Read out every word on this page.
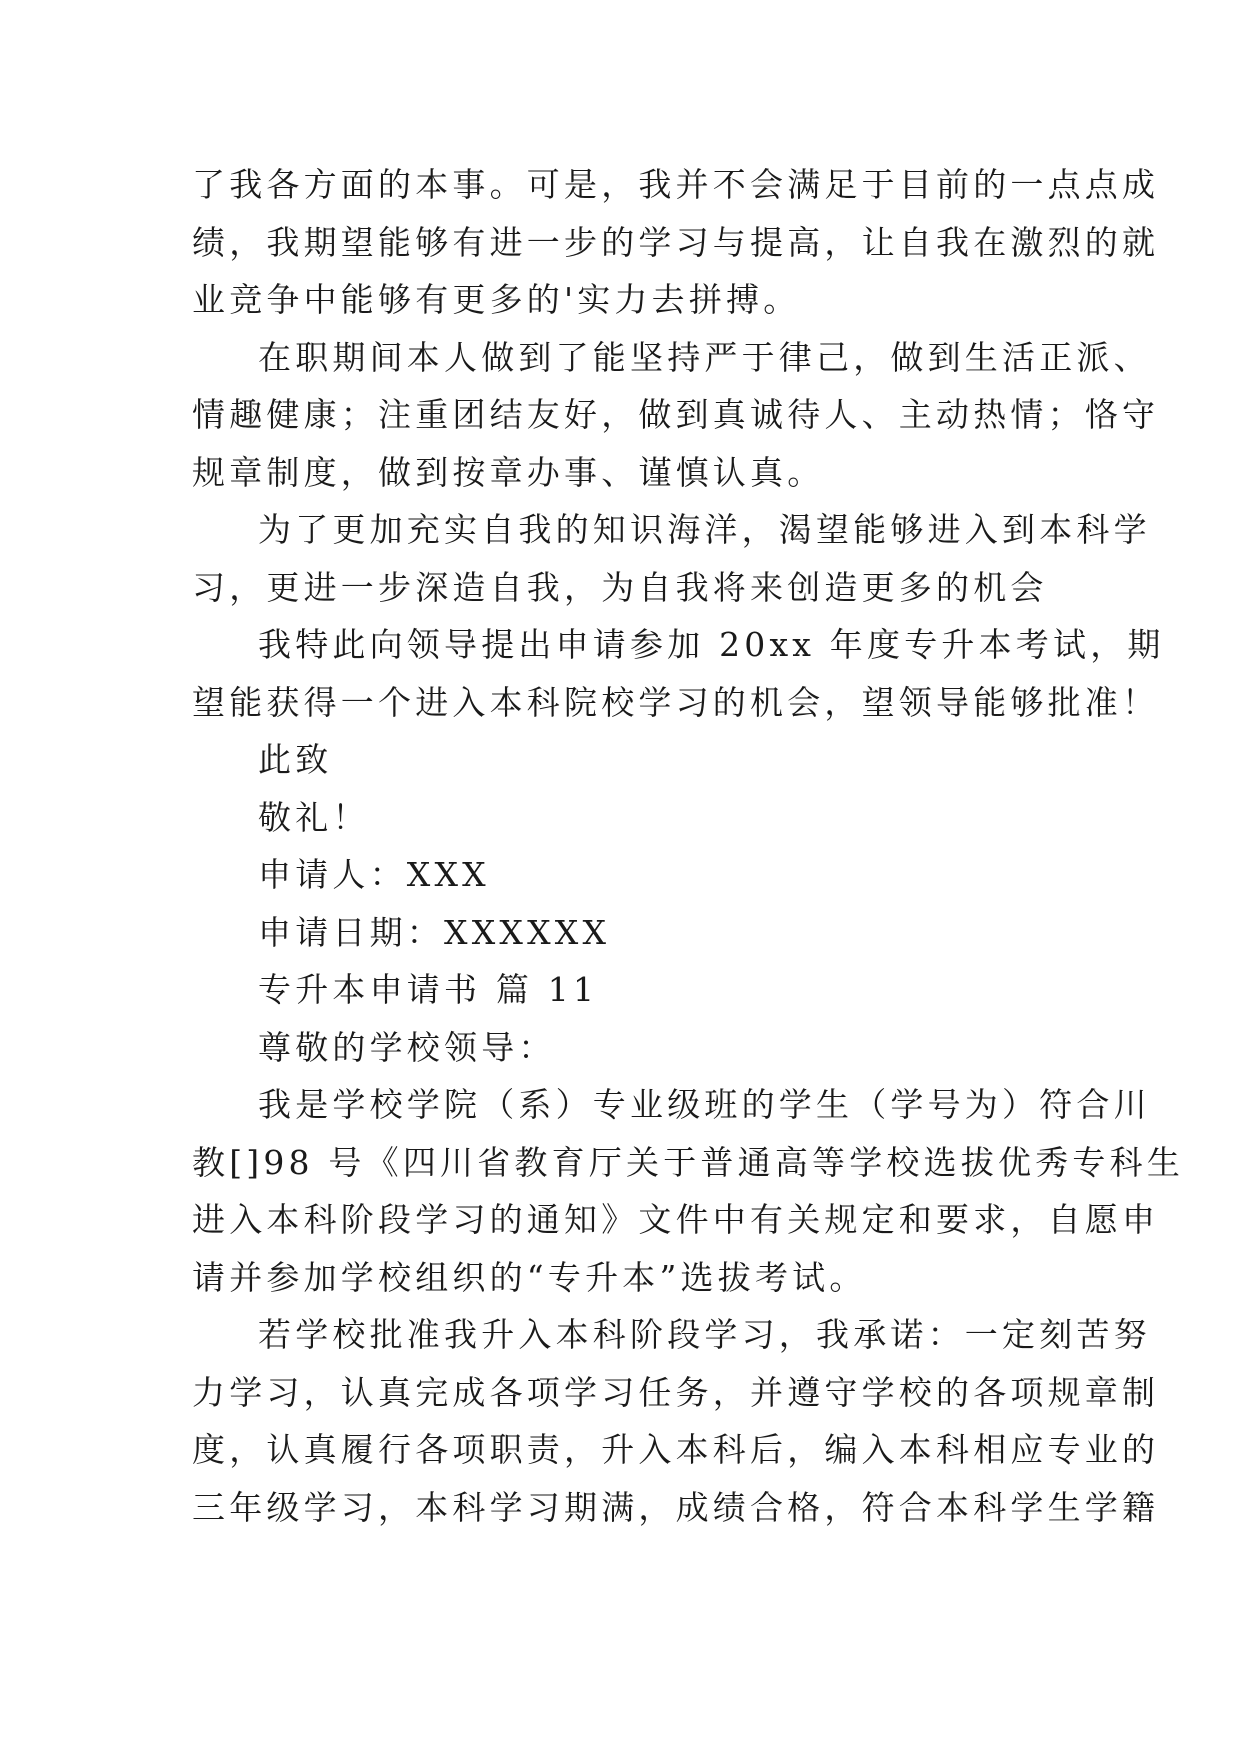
了我各方面的本事。可是，我并不会满足于目前的一点点成
绩，我期望能够有进一步的学习与提高，让自我在激烈的就
业竞争中能够有更多的'实力去拼搏。
在职期间本人做到了能坚持严于律己，做到生活正派、
情趣健康；注重团结友好，做到真诚待人、主动热情；恪守
规章制度，做到按章办事、谨慎认真。
为了更加充实自我的知识海洋，渴望能够进入到本科学
习，更进一步深造自我，为自我将来创造更多的机会
我特此向领导提出申请参加 20xx 年度专升本考试，期
望能获得一个进入本科院校学习的机会，望领导能够批准！
此致
敬礼！
申请人：XXX
申请日期：XXXXXX
专升本申请书 篇 11
尊敬的学校领导：
我是学校学院（系）专业级班的学生（学号为）符合川
教[]98 号《四川省教育厅关于普通高等学校选拔优秀专科生
进入本科阶段学习的通知》文件中有关规定和要求，自愿申
请并参加学校组织的“专升本”选拔考试。
若学校批准我升入本科阶段学习，我承诺：一定刻苦努
力学习，认真完成各项学习任务，并遵守学校的各项规章制
度，认真履行各项职责，升入本科后，编入本科相应专业的
三年级学习，本科学习期满，成绩合格，符合本科学生学籍
